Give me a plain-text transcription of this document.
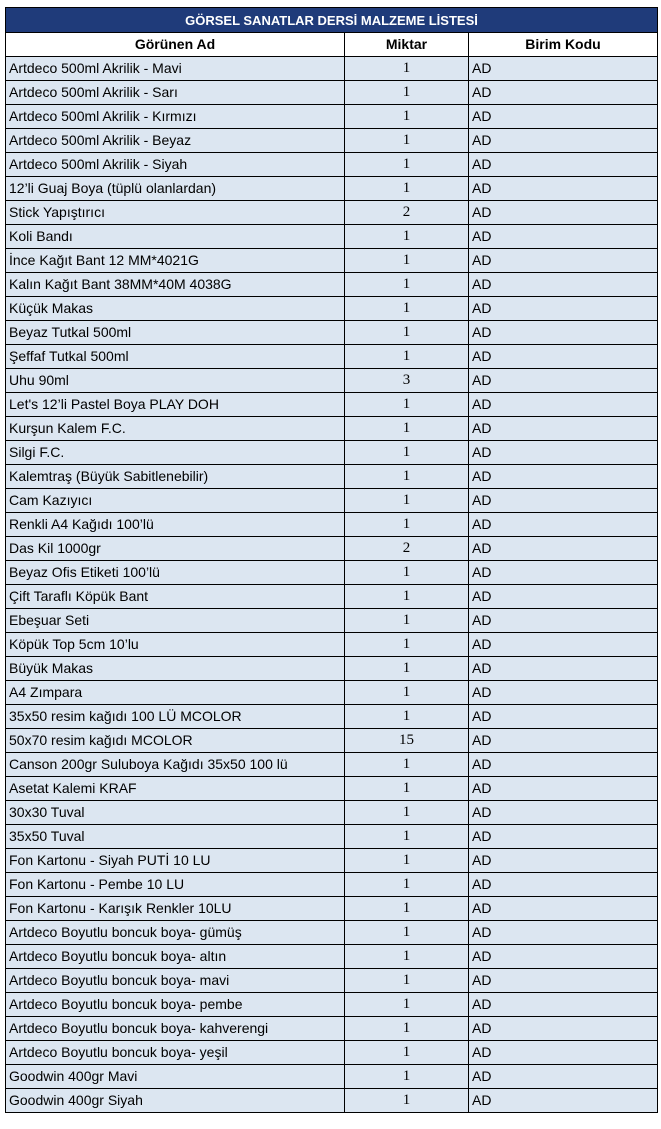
GÖRSEL SANATLAR DERSİ MALZEME LİSTESİ		
Görünen Ad	Miktar	Birim Kodu
Artdeco 500ml Akrilik - Mavi	1	AD
Artdeco 500ml Akrilik - Sarı	1	AD
Artdeco 500ml Akrilik - Kırmızı	1	AD
Artdeco 500ml Akrilik - Beyaz	1	AD
Artdeco 500ml Akrilik - Siyah	1	AD
12’li Guaj Boya (tüplü olanlardan)	1	AD
Stick Yapıştırıcı	2	AD
Koli Bandı	1	AD
İnce Kağıt Bant 12 MM*4021G	1	AD
Kalın Kağıt Bant 38MM*40M 4038G	1	AD
Küçük Makas	1	AD
Beyaz Tutkal 500ml	1	AD
Şeffaf Tutkal 500ml	1	AD
Uhu 90ml	3	AD
Let's 12’li Pastel Boya PLAY DOH	1	AD
Kurşun Kalem F.C.	1	AD
Silgi F.C.	1	AD
Kalemtraş (Büyük Sabitlenebilir)	1	AD
Cam Kazıyıcı	1	AD
Renkli A4 Kağıdı 100’lü	1	AD
Das Kil 1000gr	2	AD
Beyaz Ofis Etiketi 100’lü	1	AD
Çift Taraflı Köpük Bant	1	AD
Ebeşuar Seti	1	AD
Köpük Top 5cm 10’lu	1	AD
Büyük Makas	1	AD
A4 Zımpara	1	AD
35x50 resim kağıdı 100 LÜ MCOLOR	1	AD
50x70 resim kağıdı MCOLOR	15	AD
Canson 200gr Suluboya Kağıdı 35x50 100 lü	1	AD
Asetat Kalemi KRAF	1	AD
30x30 Tuval	1	AD
35x50 Tuval	1	AD
Fon Kartonu - Siyah PUTİ 10 LU	1	AD
Fon Kartonu - Pembe 10 LU	1	AD
Fon Kartonu - Karışık Renkler 10LU	1	AD
Artdeco Boyutlu boncuk boya- gümüş	1	AD
Artdeco Boyutlu boncuk boya- altın	1	AD
Artdeco Boyutlu boncuk boya- mavi	1	AD
Artdeco Boyutlu boncuk boya- pembe	1	AD
Artdeco Boyutlu boncuk boya- kahverengi	1	AD
Artdeco Boyutlu boncuk boya- yeşil	1	AD
Goodwin 400gr Mavi	1	AD
Goodwin 400gr Siyah	1	AD
